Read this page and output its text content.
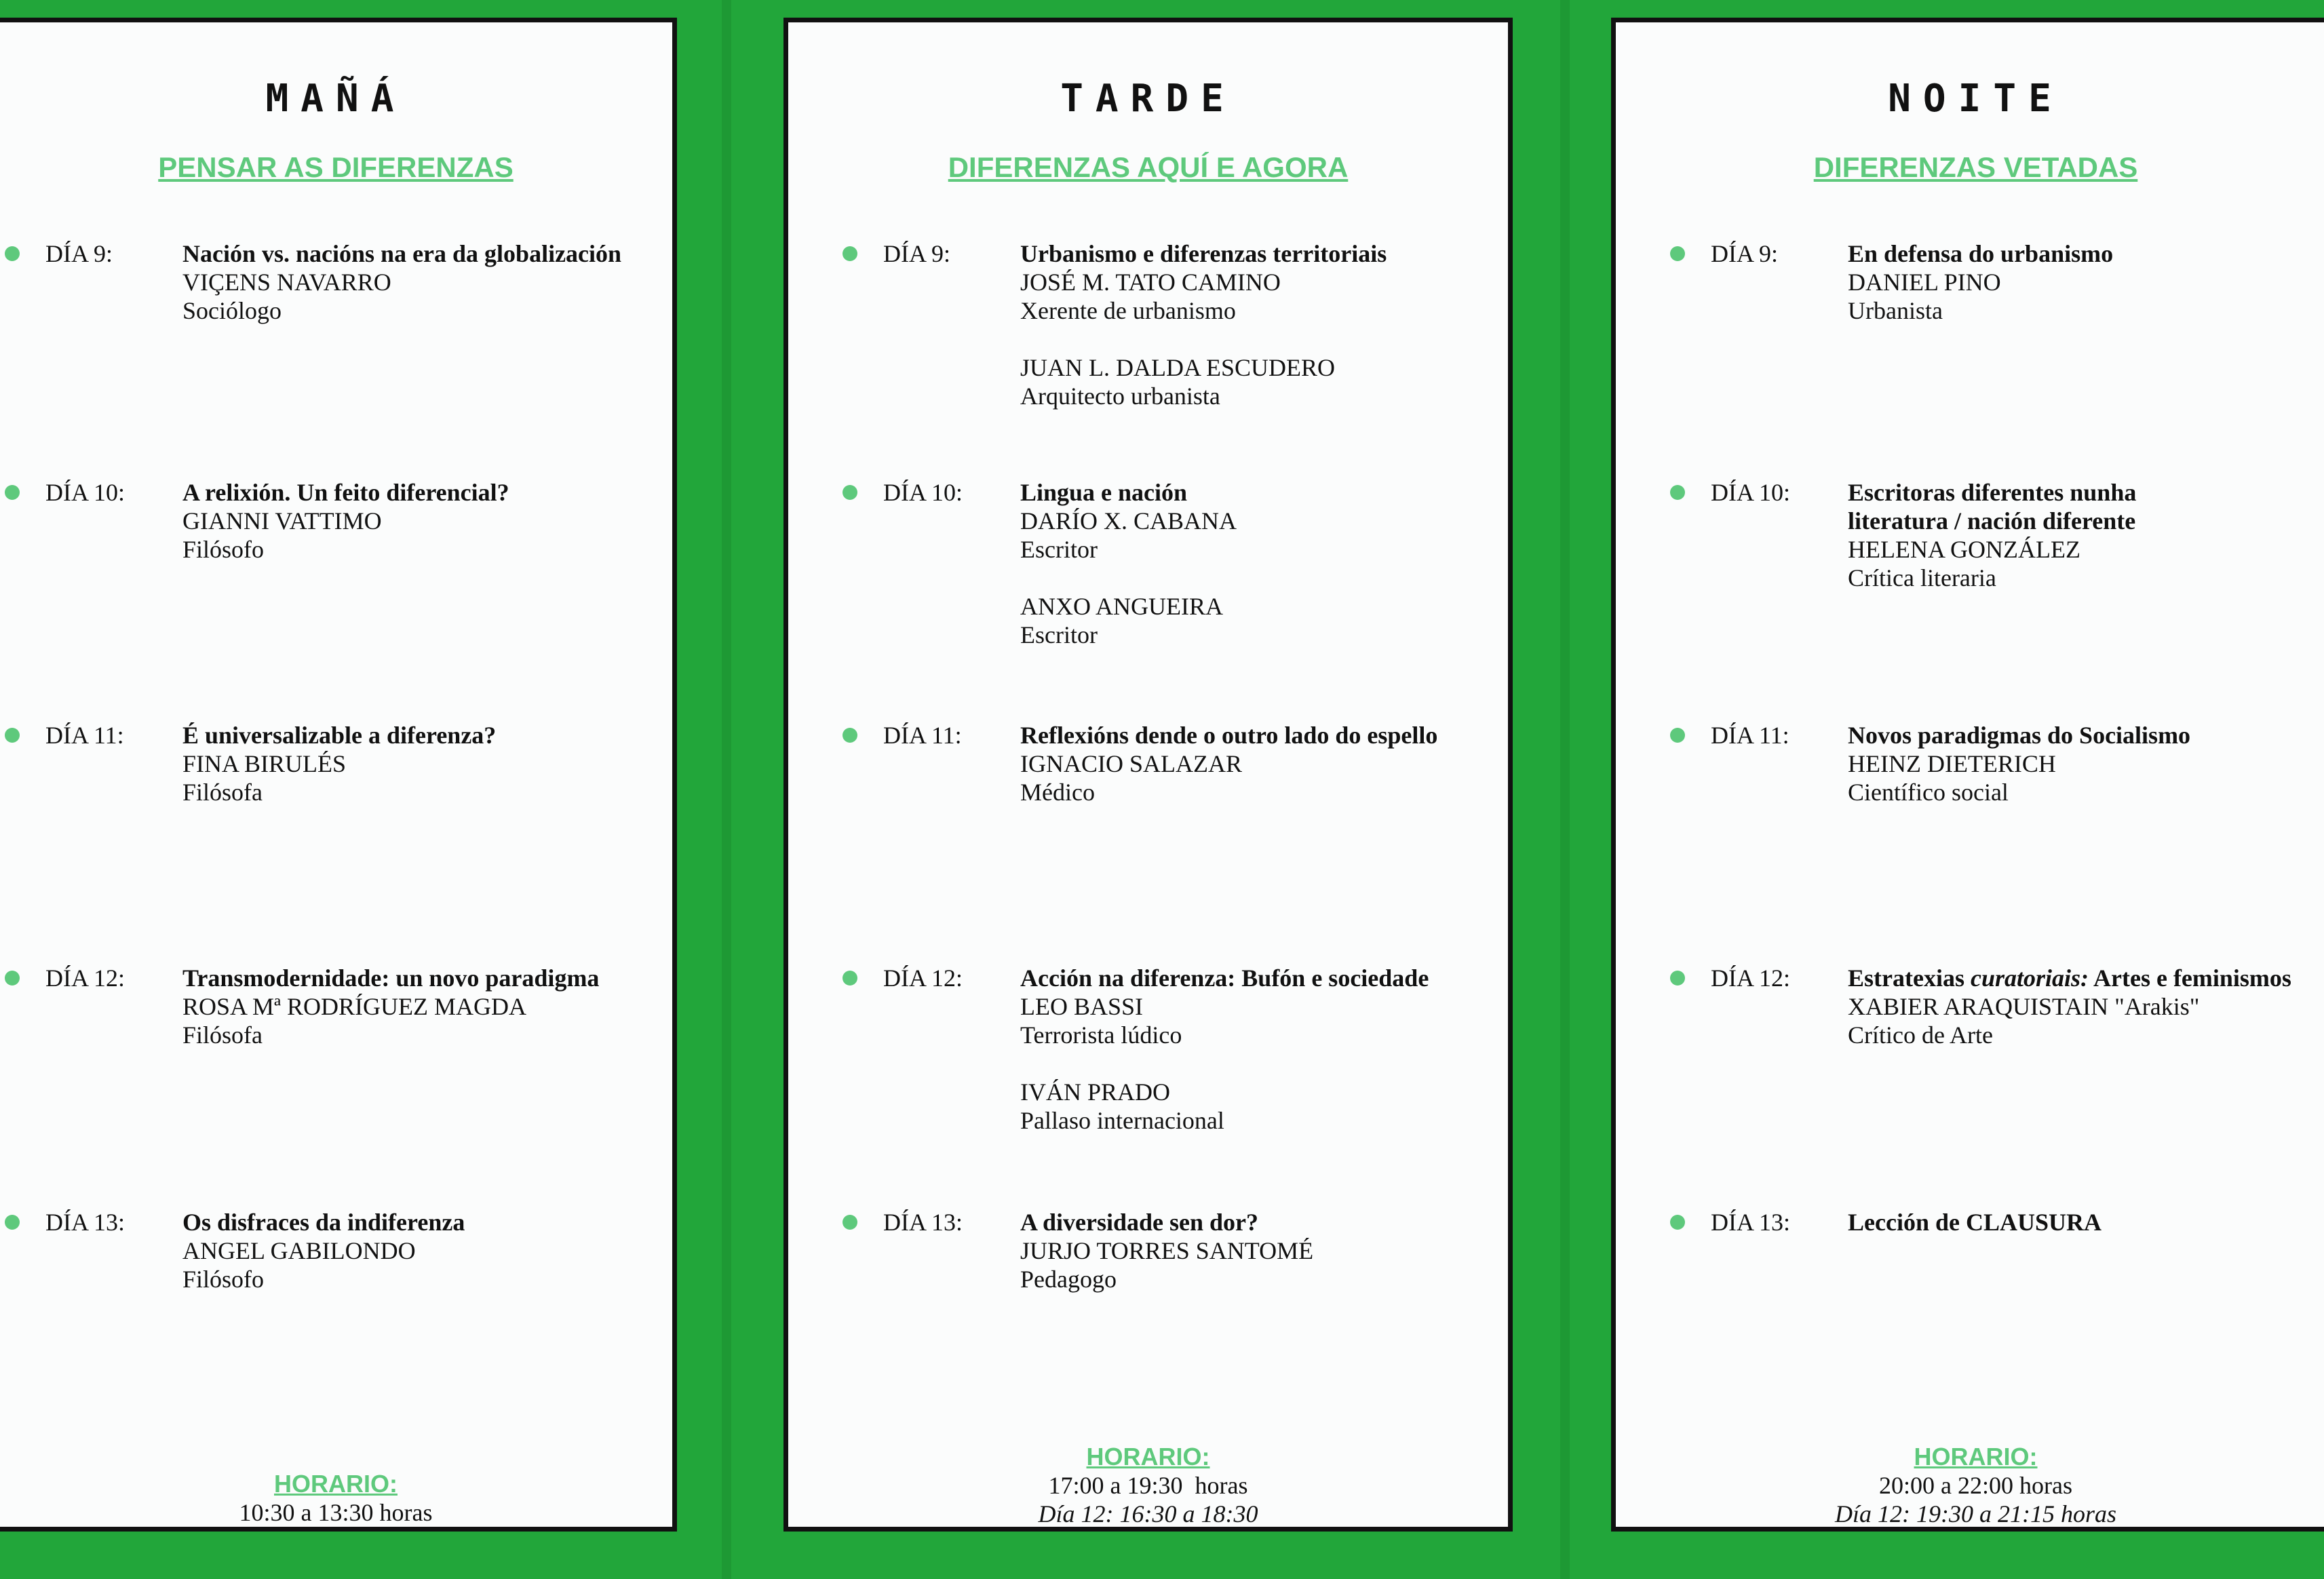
MAÑÁ
PENSAR AS DIFERENZAS
DÍA 9:	Nación vs. nacións na era da globalización
VIÇENS NAVARRO
Sociólogo
DÍA 10: A relixión. Un feito diferencial?
GIANNI VATTIMO
Filósofo
DÍA 11: É universalizable a diferenza?
FINA BIRULÉS
Filósofa
DÍA 12: Transmodernidade: un novo paradigma
ROSA Mª RODRÍGUEZ MAGDA
Filósofa
DÍA 13: Os disfraces da indiferenza
ANGEL GABILONDO
Filósofo
HORARIO:
10:30 a 13:30 horas
TARDE
DIFERENZAS AQUÍ E AGORA
DÍA 9:	Urbanismo e diferenzas territoriais
JOSÉ M. TATO CAMINO
Xerente de urbanismo
JUAN L. DALDA ESCUDERO
Arquitecto urbanista
DÍA 10: Lingua e nación
DARÍO X. CABANA
Escritor
ANXO ANGUEIRA
Escritor
DÍA 11: Reflexións dende o outro lado do espello
IGNACIO SALAZAR
Médico
DÍA 12: Acción na diferenza: Bufón e sociedade
LEO BASSI
Terrorista lúdico
IVÁN PRADO
Pallaso internacional
DÍA 13: A diversidade sen dor?
JURJO TORRES SANTOMÉ
Pedagogo
HORARIO:
17:00 a 19:30  horas
Día 12: 16:30 a 18:30
NOITE
DIFERENZAS VETADAS
DÍA 9:	En defensa do urbanismo
DANIEL PINO
Urbanista
DÍA 10: Escritoras diferentes nunha
literatura / nación diferente
HELENA GONZÁLEZ
Crítica literaria
DÍA 11: Novos paradigmas do Socialismo
HEINZ DIETERICH
Científico social
DÍA 12: Estratexias curatoriais: Artes e feminismos
XABIER ARAQUISTAIN "Arakis"
Crítico de Arte
DÍA 13: Lección de CLAUSURA
HORARIO:
20:00 a 22:00 horas
Día 12: 19:30 a 21:15 horas
